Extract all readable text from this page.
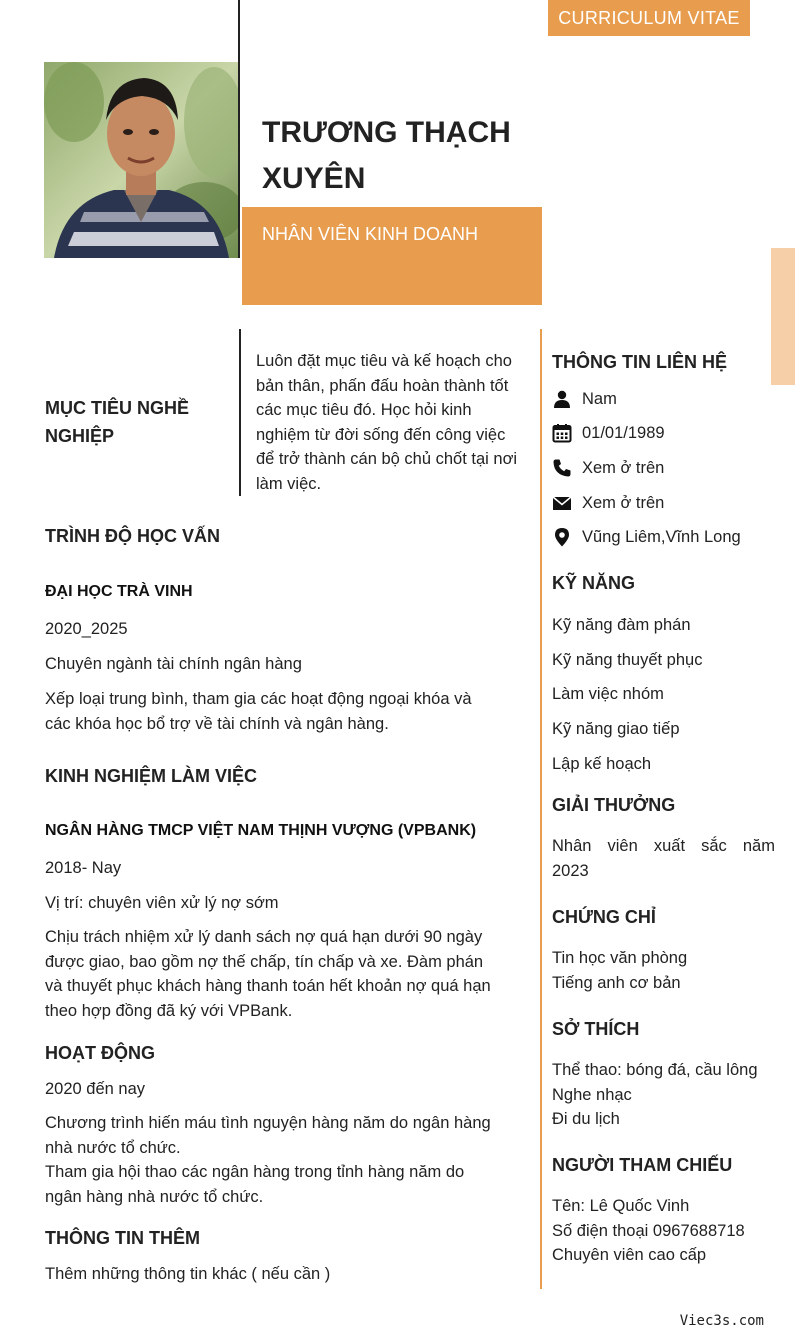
CURRICULUM VITAE
TRƯƠNG THẠCH
XUYÊN
NHÂN VIÊN KINH DOANH
MỤC TIÊU NGHỀ
NGHIỆP
Luôn đặt mục tiêu và kế hoạch cho
bản thân, phấn đấu hoàn thành tốt
các mục tiêu đó. Học hỏi kinh
nghiệm từ đời sống đến công việc
để trở thành cán bộ chủ chốt tại nơi
làm việc.
TRÌNH ĐỘ HỌC VẤN
ĐẠI HỌC TRÀ VINH
2020_2025
Chuyên ngành tài chính ngân hàng
Xếp loại trung bình, tham gia các hoạt động ngoại khóa và
các khóa học bổ trợ về tài chính và ngân hàng.
KINH NGHIỆM LÀM VIỆC
NGÂN HÀNG TMCP VIỆT NAM THỊNH VƯỢNG (VPBANK)
2018- Nay
Vị trí: chuyên viên xử lý nợ sớm
Chịu trách nhiệm xử lý danh sách nợ quá hạn dưới 90 ngày
được giao, bao gồm nợ thế chấp, tín chấp và xe. Đàm phán
và thuyết phục khách hàng thanh toán hết khoản nợ quá hạn
theo hợp đồng đã ký với VPBank.
HOẠT ĐỘNG
2020 đến nay
Chương trình hiến máu tình nguyện hàng năm do ngân hàng
nhà nước tổ chức.
Tham gia hội thao các ngân hàng trong tỉnh hàng năm do
ngân hàng nhà nước tổ chức.
THÔNG TIN THÊM
Thêm những thông tin khác ( nếu cần )
THÔNG TIN LIÊN HỆ
Nam
01/01/1989
Xem ở trên
Xem ở trên
Vũng Liêm,Vĩnh Long
KỸ NĂNG
Kỹ năng đàm phán
Kỹ năng thuyết phục
Làm việc nhóm
Kỹ năng giao tiếp
Lập kế hoạch
GIẢI THƯỞNG
Nhân viên xuất sắc năm
2023
CHỨNG CHỈ
Tin học văn phòng
Tiếng anh cơ bản
SỞ THÍCH
Thể thao: bóng đá, cầu lông
Nghe nhạc
Đi du lịch
NGƯỜI THAM CHIẾU
Tên: Lê Quốc Vinh
Số điện thoại 0967688718
Chuyên viên cao cấp
Viec3s.com
